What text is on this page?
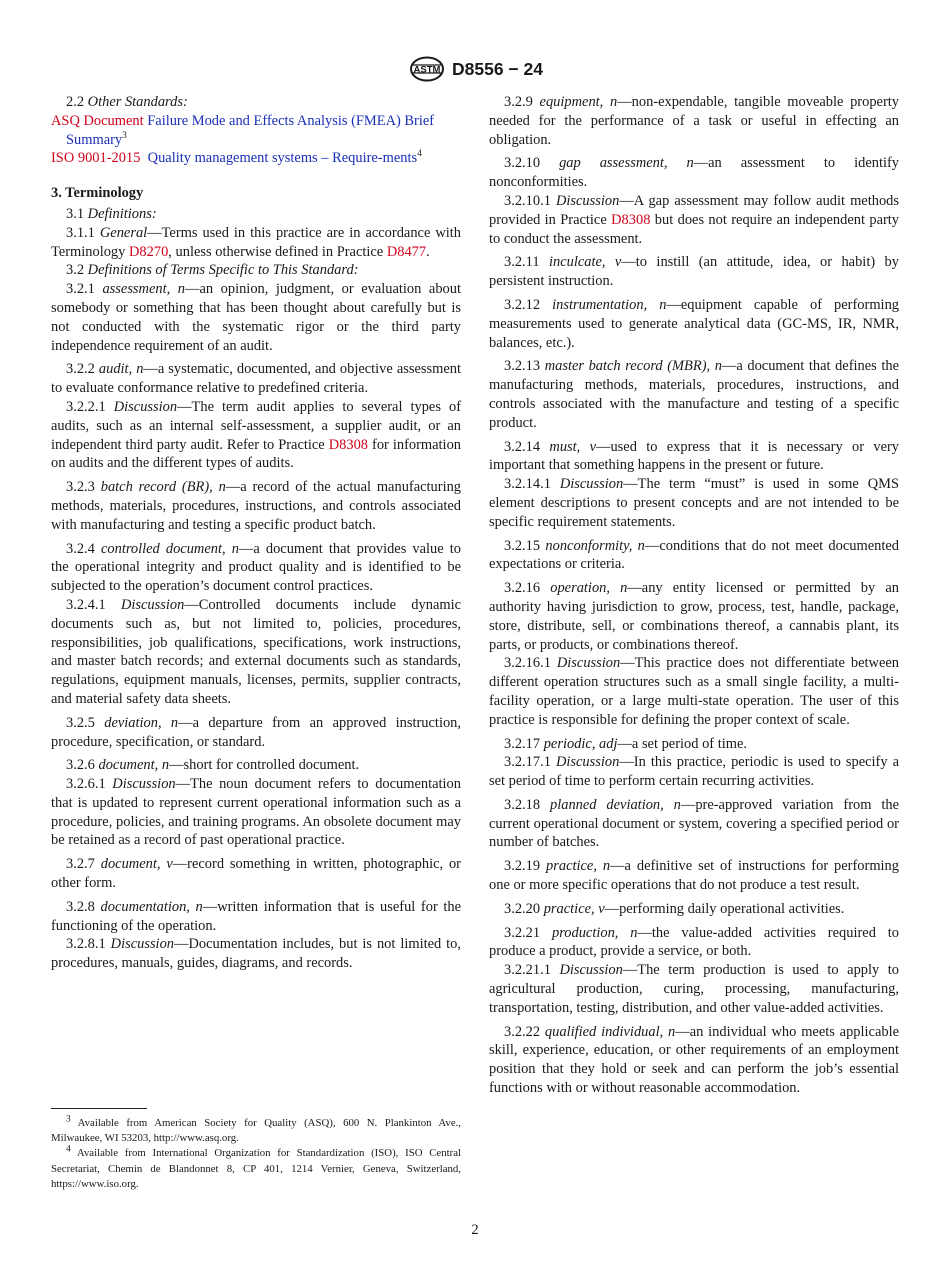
ASTM D8556 − 24

2.2 Other Standards:

ASQ Document Failure Mode and Effects Analysis (FMEA) Brief Summary$^3$

ISO 9001-2015 Quality management systems – Require-ments$^4$

3. Terminology

3.1 Definitions:

3.1.1 General—Terms used in this practice are in accordance with Terminology D8270, unless otherwise defined in Practice D8477.

3.2 Definitions of Terms Specific to This Standard:

3.2.1 assessment, n—an opinion, judgment, or evaluation about somebody or something that has been thought about carefully but is not conducted with the systematic rigor or the third party independence requirement of an audit.

3.2.2 audit, n—a systematic, documented, and objective assessment to evaluate conformance relative to predefined criteria.

3.2.2.1 Discussion—The term audit applies to several types of audits, such as an internal self-assessment, a supplier audit, or an independent third party audit. Refer to Practice D8308 for information on audits and the different types of audits.

3.2.3 batch record (BR), n—a record of the actual manufacturing methods, materials, procedures, instructions, and controls associated with manufacturing and testing a specific product batch.

3.2.4 controlled document, n—a document that provides value to the operational integrity and product quality and is identified to be subjected to the operation’s document control practices.

3.2.4.1 Discussion—Controlled documents include dynamic documents such as, but not limited to, policies, procedures, responsibilities, job qualifications, specifications, work instructions, and master batch records; and external documents such as standards, regulations, equipment manuals, licenses, permits, supplier contracts, and material safety data sheets.

3.2.5 deviation, n—a departure from an approved instruction, procedure, specification, or standard.

3.2.6 document, n—short for controlled document.

3.2.6.1 Discussion—The noun document refers to documentation that is updated to represent current operational information such as a procedure, policies, and training programs. An obsolete document may be retained as a record of past operational practice.

3.2.7 document, v—record something in written, photographic, or other form.

3.2.8 documentation, n—written information that is useful for the functioning of the operation.

3.2.8.1 Discussion—Documentation includes, but is not limited to, procedures, manuals, guides, diagrams, and records.

$^3$ Available from American Society for Quality (ASQ), 600 N. Plankinton Ave., Milwaukee, WI 53203, http://www.asq.org.

$^4$ Available from International Organization for Standardization (ISO), ISO Central Secretariat, Chemin de Blandonnet 8, CP 401, 1214 Vernier, Geneva, Switzerland, https://www.iso.org.

3.2.9 equipment, n—non-expendable, tangible moveable property needed for the performance of a task or useful in effecting an obligation.

3.2.10 gap assessment, n—an assessment to identify nonconformities.

3.2.10.1 Discussion—A gap assessment may follow audit methods provided in Practice D8308 but does not require an independent party to conduct the assessment.

3.2.11 inculcate, v—to instill (an attitude, idea, or habit) by persistent instruction.

3.2.12 instrumentation, n—equipment capable of performing measurements used to generate analytical data (GC-MS, IR, NMR, balances, etc.).

3.2.13 master batch record (MBR), n—a document that defines the manufacturing methods, materials, procedures, instructions, and controls associated with the manufacture and testing of a specific product.

3.2.14 must, v—used to express that it is necessary or very important that something happens in the present or future.

3.2.14.1 Discussion—The term “must” is used in some QMS element descriptions to present concepts and are not intended to be specific requirement statements.

3.2.15 nonconformity, n—conditions that do not meet documented expectations or criteria.

3.2.16 operation, n—any entity licensed or permitted by an authority having jurisdiction to grow, process, test, handle, package, store, distribute, sell, or combinations thereof, a cannabis plant, its parts, or products, or combinations thereof.

3.2.16.1 Discussion—This practice does not differentiate between different operation structures such as a small single facility, a multi-facility operation, or a large multi-state operation. The user of this practice is responsible for defining the proper context of scale.

3.2.17 periodic, adj—a set period of time.

3.2.17.1 Discussion—In this practice, periodic is used to specify a set period of time to perform certain recurring activities.

3.2.18 planned deviation, n—pre-approved variation from the current operational document or system, covering a specified period or number of batches.

3.2.19 practice, n—a definitive set of instructions for performing one or more specific operations that do not produce a test result.

3.2.20 practice, v—performing daily operational activities.

3.2.21 production, n—the value-added activities required to produce a product, provide a service, or both.

3.2.21.1 Discussion—The term production is used to apply to agricultural production, curing, processing, manufacturing, transportation, testing, distribution, and other value-added activities.

3.2.22 qualified individual, n—an individual who meets applicable skill, experience, education, or other requirements of an employment position that they hold or seek and can perform the job’s essential functions with or without reasonable accommodation.

2
